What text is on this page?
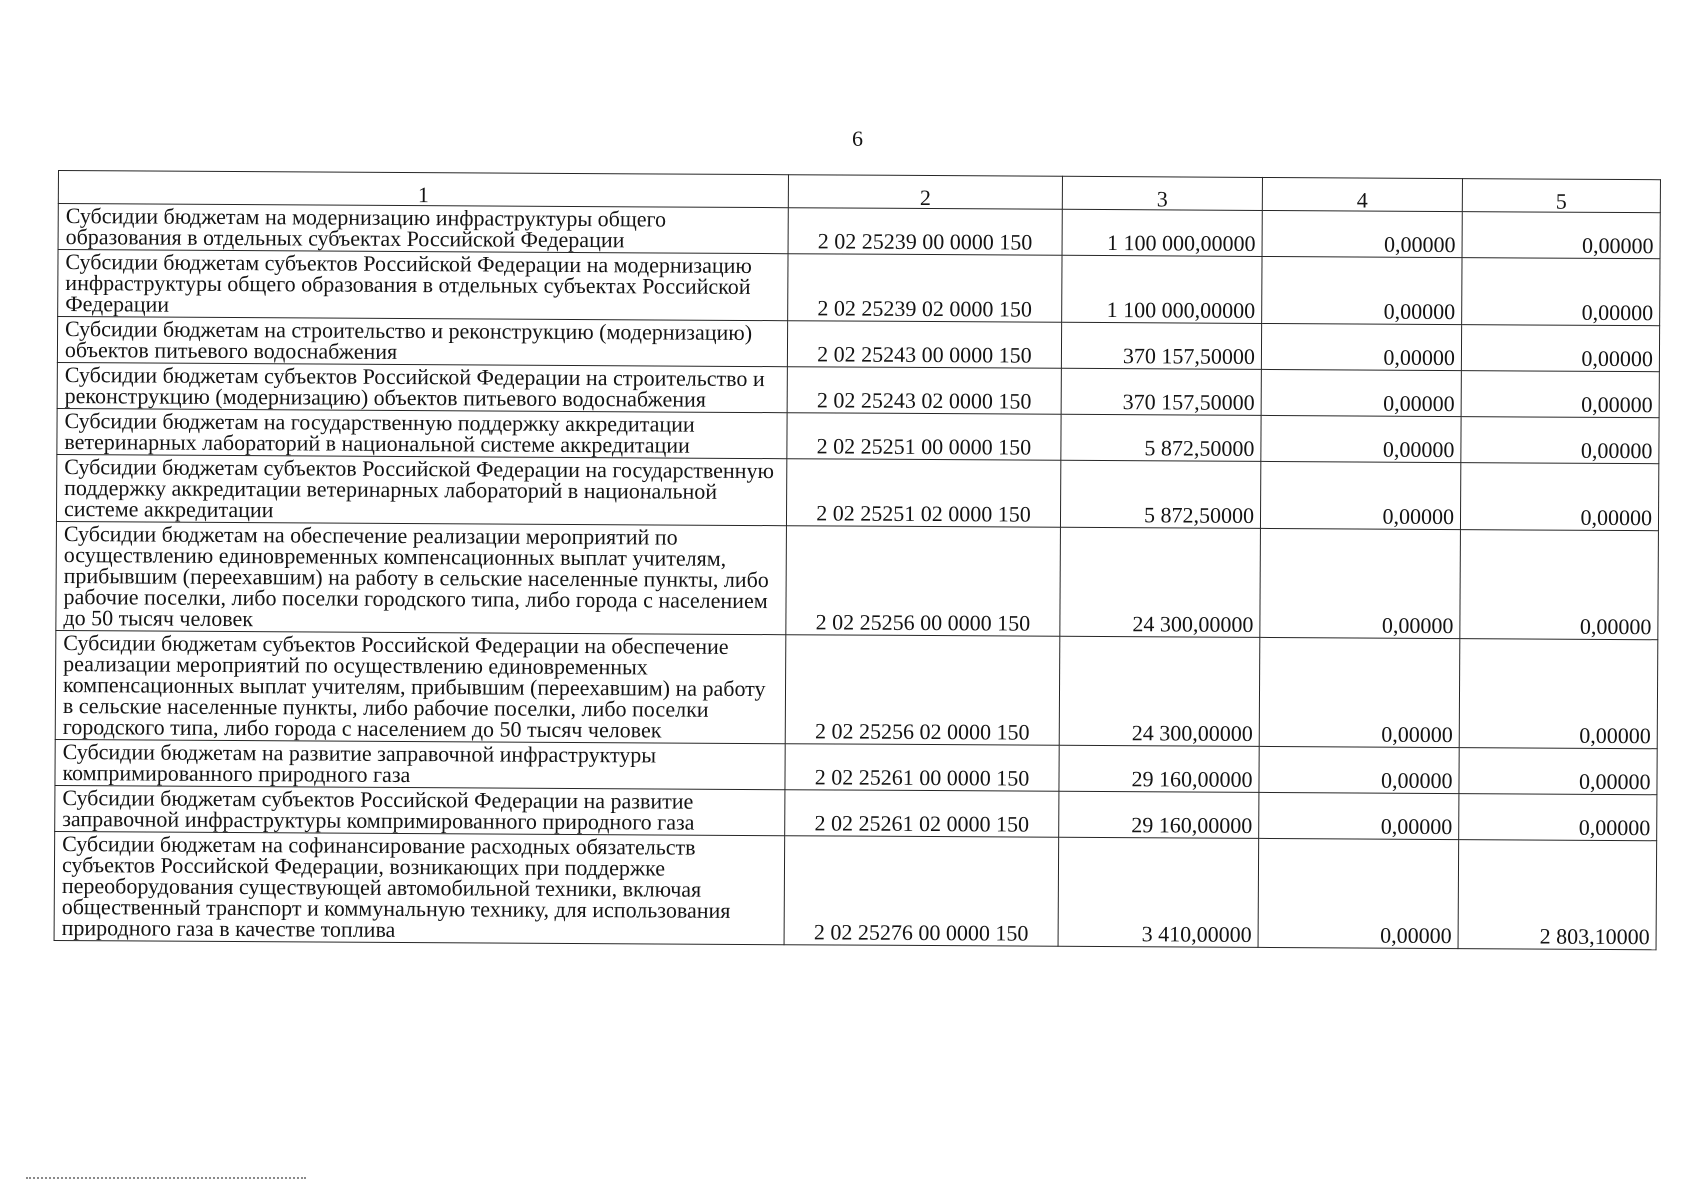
6
1	2	3	4	5
Субсидии бюджетам на модернизацию инфраструктуры общего образования в отдельных субъектах Российской Федерации	2 02 25239 00 0000 150	1 100 000,00000	0,00000	0,00000
Субсидии бюджетам субъектов Российской Федерации на модернизацию инфраструктуры общего образования в отдельных субъектах Российской Федерации	2 02 25239 02 0000 150	1 100 000,00000	0,00000	0,00000
Субсидии бюджетам на строительство и реконструкцию (модернизацию) объектов питьевого водоснабжения	2 02 25243 00 0000 150	370 157,50000	0,00000	0,00000
Субсидии бюджетам субъектов Российской Федерации на строительство и реконструкцию (модернизацию) объектов питьевого водоснабжения	2 02 25243 02 0000 150	370 157,50000	0,00000	0,00000
Субсидии бюджетам на государственную поддержку аккредитации ветеринарных лабораторий в национальной системе аккредитации	2 02 25251 00 0000 150	5 872,50000	0,00000	0,00000
Субсидии бюджетам субъектов Российской Федерации на государственную поддержку аккредитации ветеринарных лабораторий в национальной системе аккредитации	2 02 25251 02 0000 150	5 872,50000	0,00000	0,00000
Субсидии бюджетам на обеспечение реализации мероприятий по осуществлению единовременных компенсационных выплат учителям, прибывшим (переехавшим) на работу в сельские населенные пункты, либо рабочие поселки, либо поселки городского типа, либо города с населением до 50 тысяч человек	2 02 25256 00 0000 150	24 300,00000	0,00000	0,00000
Субсидии бюджетам субъектов Российской Федерации на обеспечение реализации мероприятий по осуществлению единовременных компенсационных выплат учителям, прибывшим (переехавшим) на работу в сельские населенные пункты, либо рабочие поселки, либо поселки городского типа, либо города с населением до 50 тысяч человек	2 02 25256 02 0000 150	24 300,00000	0,00000	0,00000
Субсидии бюджетам на развитие заправочной инфраструктуры компримированного природного газа	2 02 25261 00 0000 150	29 160,00000	0,00000	0,00000
Субсидии бюджетам субъектов Российской Федерации на развитие заправочной инфраструктуры компримированного природного газа	2 02 25261 02 0000 150	29 160,00000	0,00000	0,00000
Субсидии бюджетам на софинансирование расходных обязательств субъектов Российской Федерации, возникающих при поддержке переоборудования существующей автомобильной техники, включая общественный транспорт и коммунальную технику, для использования природного газа в качестве топлива	2 02 25276 00 0000 150	3 410,00000	0,00000	2 803,10000
